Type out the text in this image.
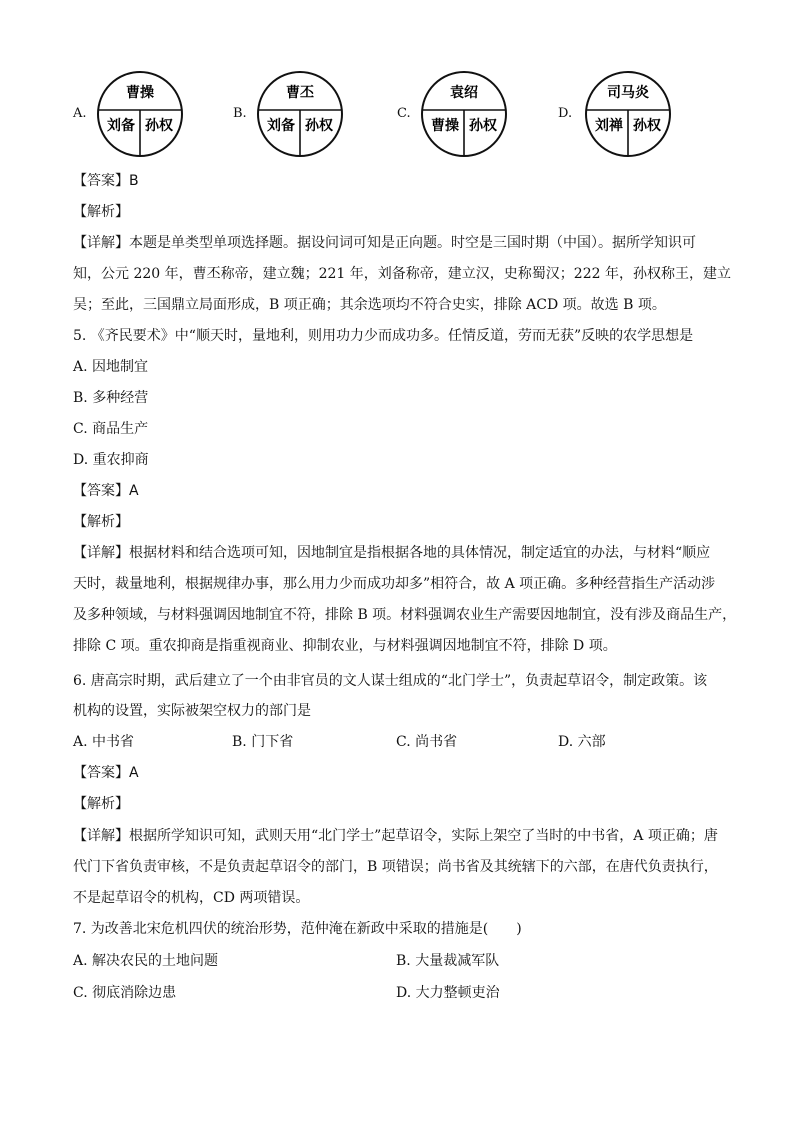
A.
曹操
刘备 孙权
B.
曹丕
刘备 孙权
C.
袁绍
曹操 孙权
D.
司马炎
刘禅 孙权
【答案】B
【解析】
【详解】本题是单类型单项选择题。据设问词可知是正向题。时空是三国时期（中国）。据所学知识可
知，公元 220 年，曹丕称帝，建立魏；221 年，刘备称帝，建立汉，史称蜀汉；222 年，孙权称王，建立
吴；至此，三国鼎立局面形成，B 项正确；其余选项均不符合史实，排除 ACD 项。故选 B 项。
5. 《齐民要术》中“顺天时，量地利，则用功力少而成功多。任情反道，劳而无获”反映的农学思想是
A. 因地制宜
B. 多种经营
C. 商品生产
D. 重农抑商
【答案】A
【解析】
【详解】根据材料和结合选项可知，因地制宜是指根据各地的具体情况，制定适宜的办法，与材料“顺应
天时，裁量地利，根据规律办事，那么用力少而成功却多”相符合，故 A 项正确。多种经营指生产活动涉
及多种领域，与材料强调因地制宜不符，排除 B 项。材料强调农业生产需要因地制宜，没有涉及商品生产，
排除 C 项。重农抑商是指重视商业、抑制农业，与材料强调因地制宜不符，排除 D 项。
6. 唐高宗时期，武后建立了一个由非官员的文人谋士组成的“北门学士”，负责起草诏令，制定政策。该
机构的设置，实际被架空权力的部门是
A. 中书省	B. 门下省	C. 尚书省	D. 六部
【答案】A
【解析】
【详解】根据所学知识可知，武则天用“北门学士”起草诏令，实际上架空了当时的中书省，A 项正确；唐
代门下省负责审核，不是负责起草诏令的部门，B 项错误；尚书省及其统辖下的六部，在唐代负责执行，
不是起草诏令的机构，CD 两项错误。
7. 为改善北宋危机四伏的统治形势，范仲淹在新政中采取的措施是(　　)
A. 解决农民的土地问题	B. 大量裁减军队
C. 彻底消除边患	D. 大力整顿吏治
